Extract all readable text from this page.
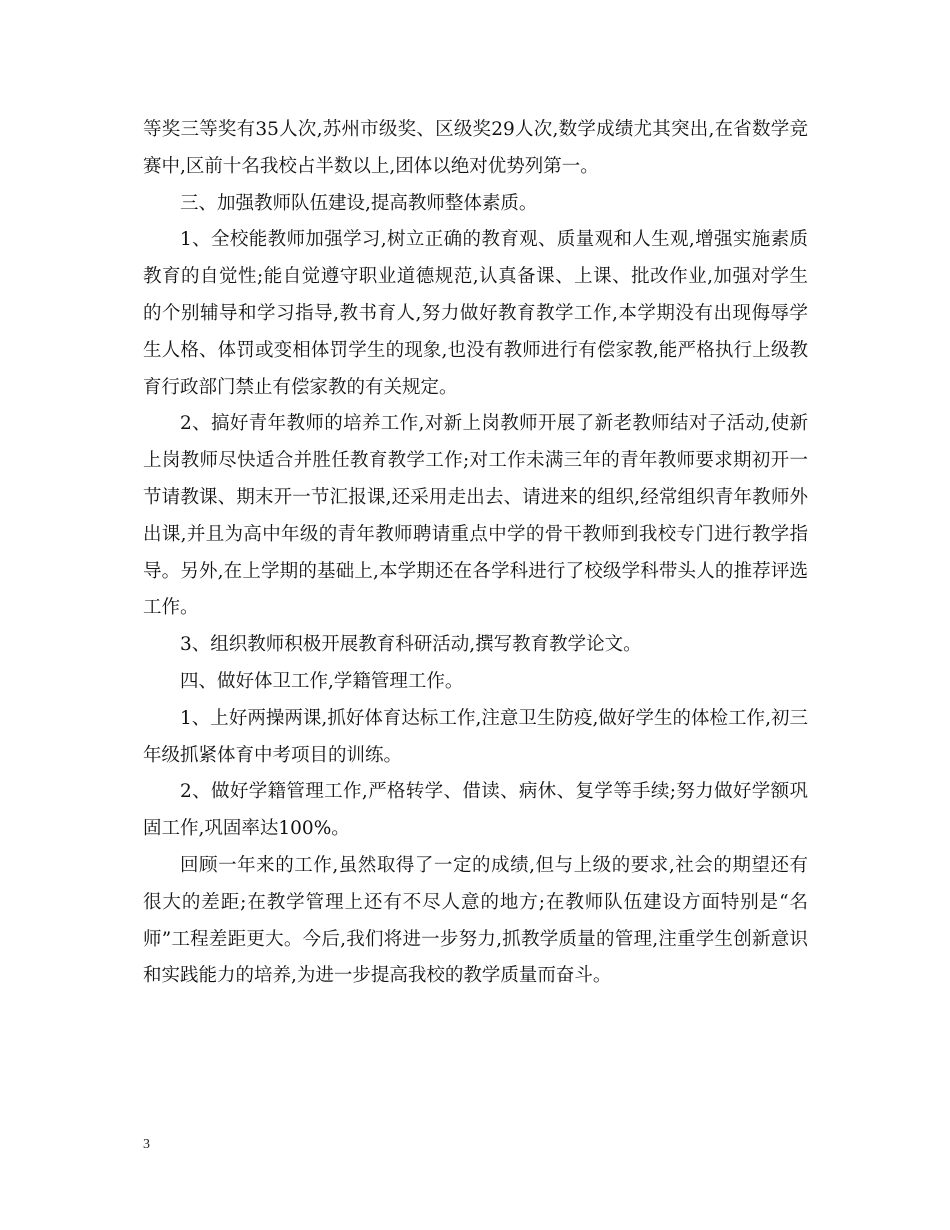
等奖三等奖有35人次,苏州市级奖、区级奖29人次,数学成绩尤其突出,在省数学竞赛中,区前十名我校占半数以上,团体以绝对优势列第一。

三、加强教师队伍建设,提高教师整体素质。

1、全校能教师加强学习,树立正确的教育观、质量观和人生观,增强实施素质教育的自觉性;能自觉遵守职业道德规范,认真备课、上课、批改作业,加强对学生的个别辅导和学习指导,教书育人,努力做好教育教学工作,本学期没有出现侮辱学生人格、体罚或变相体罚学生的现象,也没有教师进行有偿家教,能严格执行上级教育行政部门禁止有偿家教的有关规定。

2、搞好青年教师的培养工作,对新上岗教师开展了新老教师结对子活动,使新上岗教师尽快适合并胜任教育教学工作;对工作未满三年的青年教师要求期初开一节请教课、期末开一节汇报课,还采用走出去、请进来的组织,经常组织青年教师外出课,并且为高中年级的青年教师聘请重点中学的骨干教师到我校专门进行教学指导。另外,在上学期的基础上,本学期还在各学科进行了校级学科带头人的推荐评选工作。

3、组织教师积极开展教育科研活动,撰写教育教学论文。

四、做好体卫工作,学籍管理工作。

1、上好两操两课,抓好体育达标工作,注意卫生防疫,做好学生的体检工作,初三年级抓紧体育中考项目的训练。

2、做好学籍管理工作,严格转学、借读、病休、复学等手续;努力做好学额巩固工作,巩固率达100%。

回顾一年来的工作,虽然取得了一定的成绩,但与上级的要求,社会的期望还有很大的差距;在教学管理上还有不尽人意的地方;在教师队伍建设方面特别是“名师”工程差距更大。今后,我们将进一步努力,抓教学质量的管理,注重学生创新意识和实践能力的培养,为进一步提高我校的教学质量而奋斗。

3
